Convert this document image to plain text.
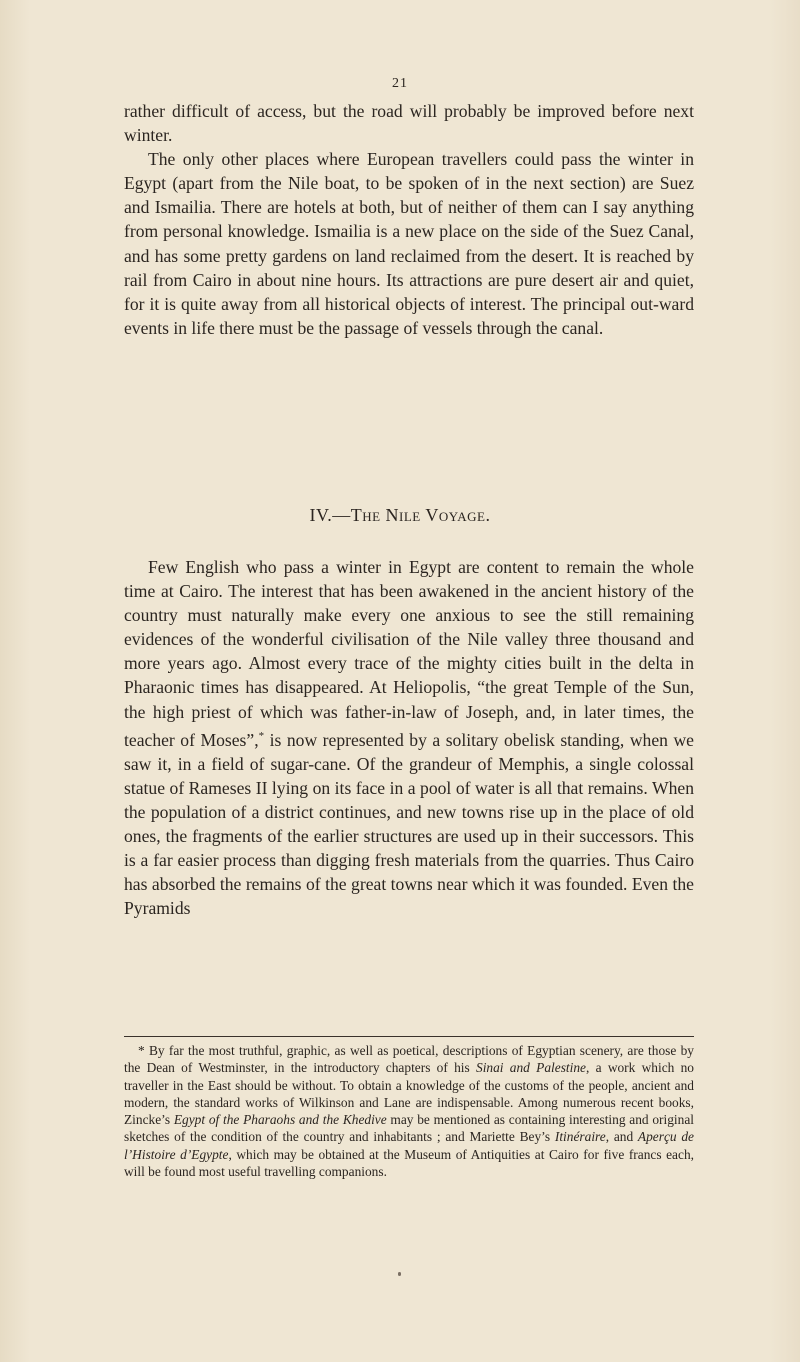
21

rather difficult of access, but the road will probably be improved before next winter.

The only other places where European travellers could pass the winter in Egypt (apart from the Nile boat, to be spoken of in the next section) are Suez and Ismailia. There are hotels at both, but of neither of them can I say anything from personal knowledge. Ismailia is a new place on the side of the Suez Canal, and has some pretty gardens on land reclaimed from the desert. It is reached by rail from Cairo in about nine hours. Its attractions are pure desert air and quiet, for it is quite away from all historical objects of interest. The principal out-ward events in life there must be the passage of vessels through the canal.

IV.—The Nile Voyage.

Few English who pass a winter in Egypt are content to remain the whole time at Cairo. The interest that has been awakened in the ancient history of the country must naturally make every one anxious to see the still remaining evidences of the wonderful civilisation of the Nile valley three thousand and more years ago. Almost every trace of the mighty cities built in the delta in Pharaonic times has disappeared. At Heliopolis, “the great Temple of the Sun, the high priest of which was father-in-law of Joseph, and, in later times, the teacher of Moses”,* is now represented by a solitary obelisk standing, when we saw it, in a field of sugar-cane. Of the grandeur of Memphis, a single colossal statue of Rameses II lying on its face in a pool of water is all that remains. When the population of a district continues, and new towns rise up in the place of old ones, the fragments of the earlier structures are used up in their successors. This is a far easier process than digging fresh materials from the quarries. Thus Cairo has absorbed the remains of the great towns near which it was founded. Even the Pyramids

* By far the most truthful, graphic, as well as poetical, descriptions of Egyptian scenery, are those by the Dean of Westminster, in the introductory chapters of his Sinai and Palestine, a work which no traveller in the East should be without. To obtain a knowledge of the customs of the people, ancient and modern, the standard works of Wilkinson and Lane are indispensable. Among numerous recent books, Zincke’s Egypt of the Pharaohs and the Khedive may be mentioned as containing interesting and original sketches of the condition of the country and inhabitants ; and Mariette Bey’s Itinéraire, and Aperçu de l’Histoire d’Egypte, which may be obtained at the Museum of Antiquities at Cairo for five francs each, will be found most useful travelling companions.
